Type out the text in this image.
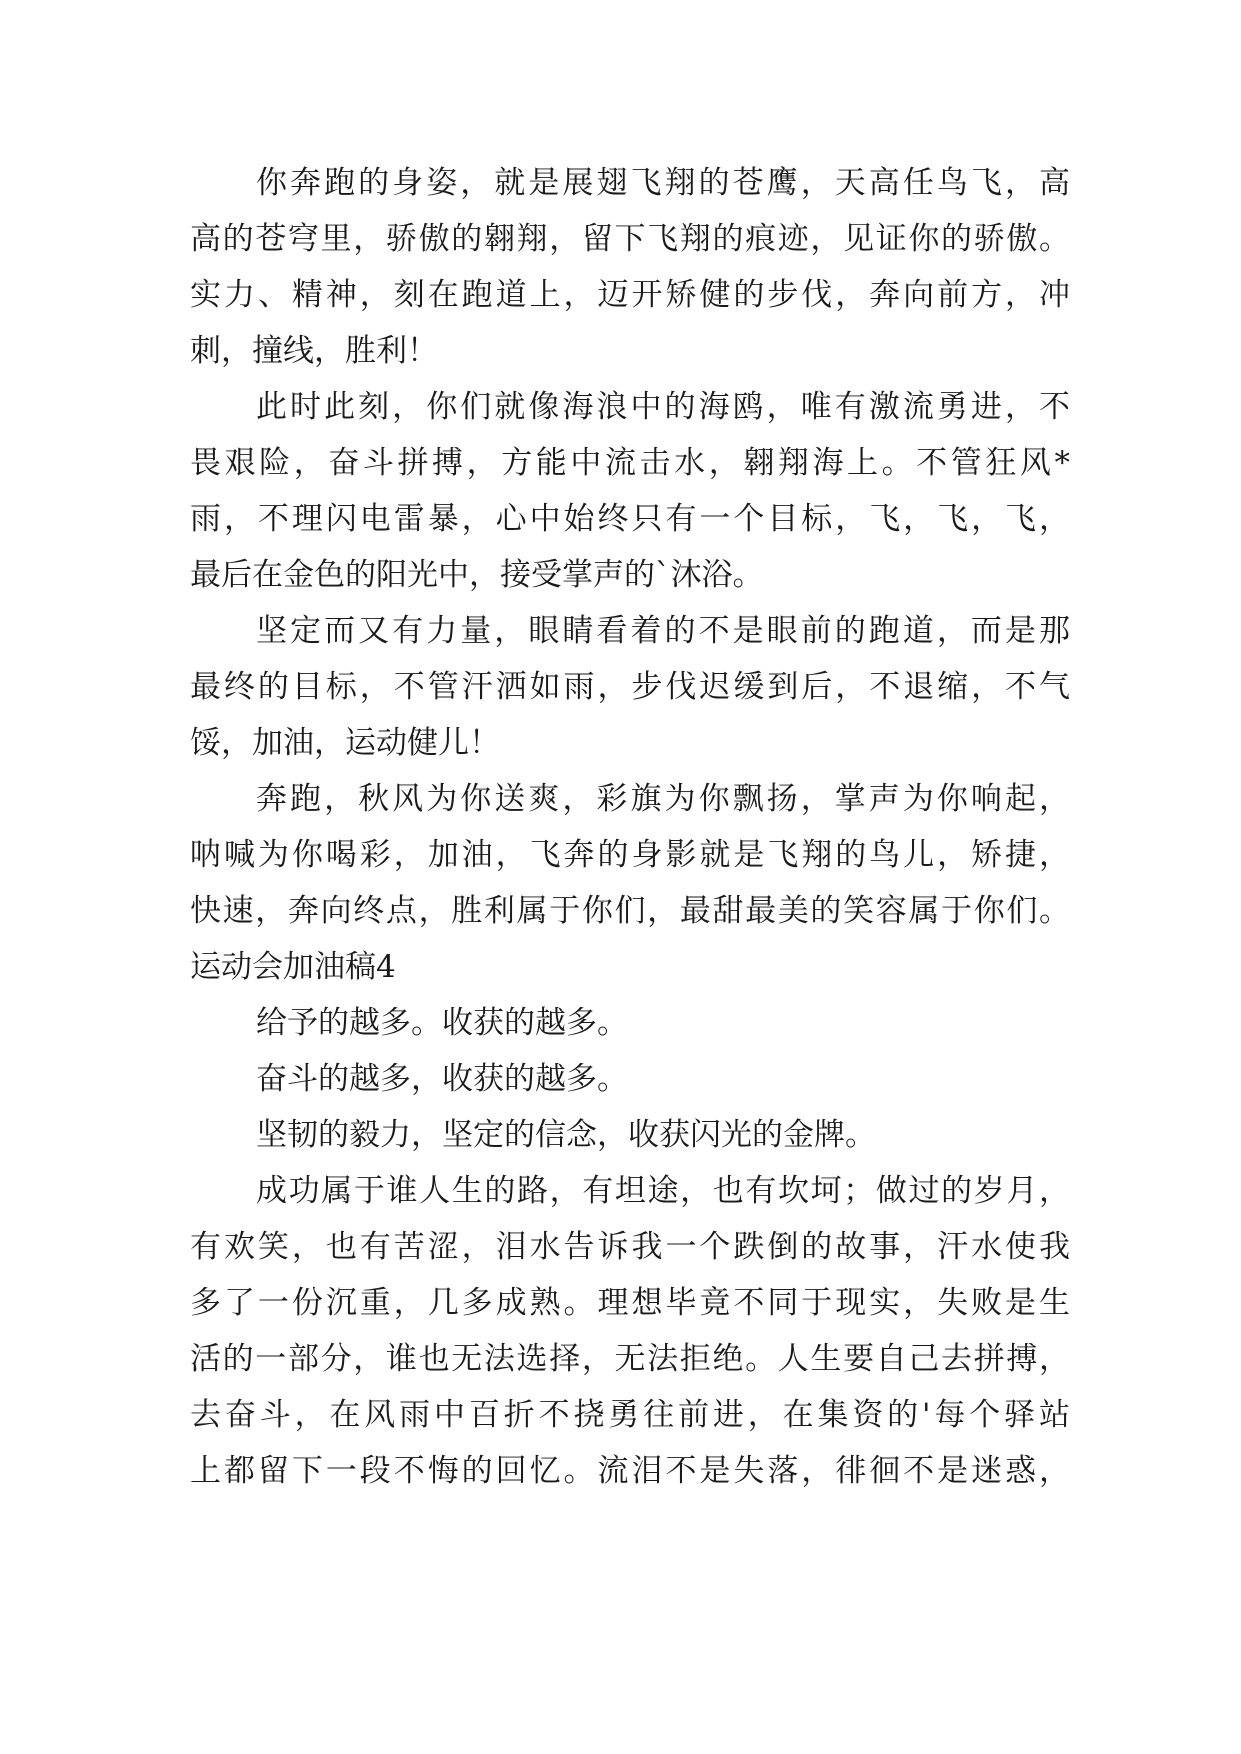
你奔跑的身姿，就是展翅飞翔的苍鹰，天高任鸟飞，高
高的苍穹里，骄傲的翱翔，留下飞翔的痕迹，见证你的骄傲。
实力、精神，刻在跑道上，迈开矫健的步伐，奔向前方，冲
刺，撞线，胜利！
此时此刻，你们就像海浪中的海鸥，唯有激流勇进，不
畏艰险，奋斗拼搏，方能中流击水，翱翔海上。不管狂风*
雨，不理闪电雷暴，心中始终只有一个目标，飞，飞，飞，
最后在金色的阳光中，接受掌声的`沐浴。
坚定而又有力量，眼睛看着的不是眼前的跑道，而是那
最终的目标，不管汗洒如雨，步伐迟缓到后，不退缩，不气
馁，加油，运动健儿！
奔跑，秋风为你送爽，彩旗为你飘扬，掌声为你响起，
呐喊为你喝彩，加油，飞奔的身影就是飞翔的鸟儿，矫捷，
快速，奔向终点，胜利属于你们，最甜最美的笑容属于你们。
运动会加油稿4
给予的越多。收获的越多。
奋斗的越多，收获的越多。
坚韧的毅力，坚定的信念，收获闪光的金牌。
成功属于谁人生的路，有坦途，也有坎坷；做过的岁月，
有欢笑，也有苦涩，泪水告诉我一个跌倒的故事，汗水使我
多了一份沉重，几多成熟。理想毕竟不同于现实，失败是生
活的一部分，谁也无法选择，无法拒绝。人生要自己去拼搏，
去奋斗，在风雨中百折不挠勇往前进，在集资的'每个驿站
上都留下一段不悔的回忆。流泪不是失落，徘徊不是迷惑，
